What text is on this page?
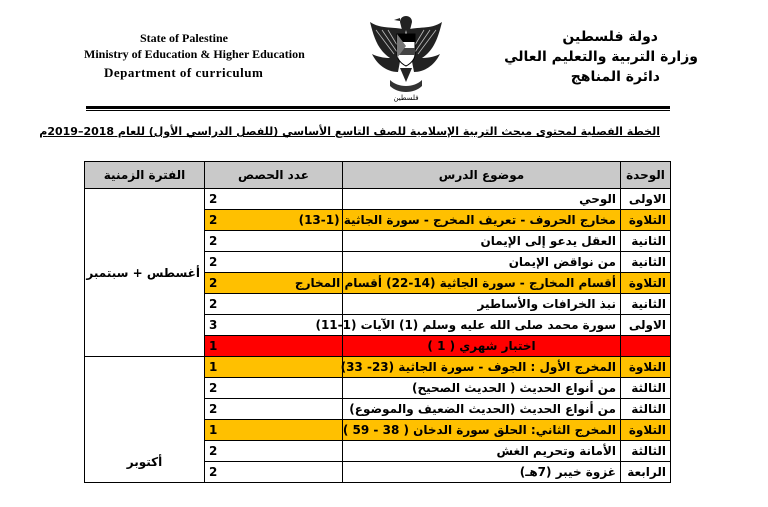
State of Palestine
Ministry of Education & Higher Education
Department of curriculum
فلسطين
دولة فلسطين
وزارة التربية والتعليم العالي
دائرة المناهج
الخطة الفصلية لمحتوى مبحث التربية الإسلامية للصف التاسع الأساسي (للفصل الدراسي الأول) للعام 2018–2019م
الوحدة	موضوع الدرس	عدد الحصص	الفترة الزمنية
الاولى	الوحي	2	أغسطس + سبتمبر
التلاوة	مخارج الحروف - تعريف المخرج - سورة الجاثية (1-13)	2	
الثانية	العقل يدعو إلى الإيمان	2	
الثانية	من نواقض الإيمان	2	
التلاوة	أقسام المخارج - سورة الجاثية (14-22) أقسام المخارج	2	
الثانية	نبذ الخرافات والأساطير	2	
الاولى	سورة محمد صلى الله عليه وسلم (1) الآيات (1-11)	3	
	اختبار شهري ( 1 )	1	
التلاوة	المخرج الأول : الجوف - سورة الجاثية (23- 33)	1	أكتوبر
الثالثة	من أنواع الحديث ( الحديث الصحيح)	2	
الثالثة	من أنواع الحديث (الحديث الضعيف والموضوع)	2	
التلاوة	المخرج الثاني: الحلق سورة الدخان ( 38 - 59 )	1	
الثالثة	الأمانة وتحريم الغش	2	
الرابعة	غزوة خيبر (7هـ)	2	
